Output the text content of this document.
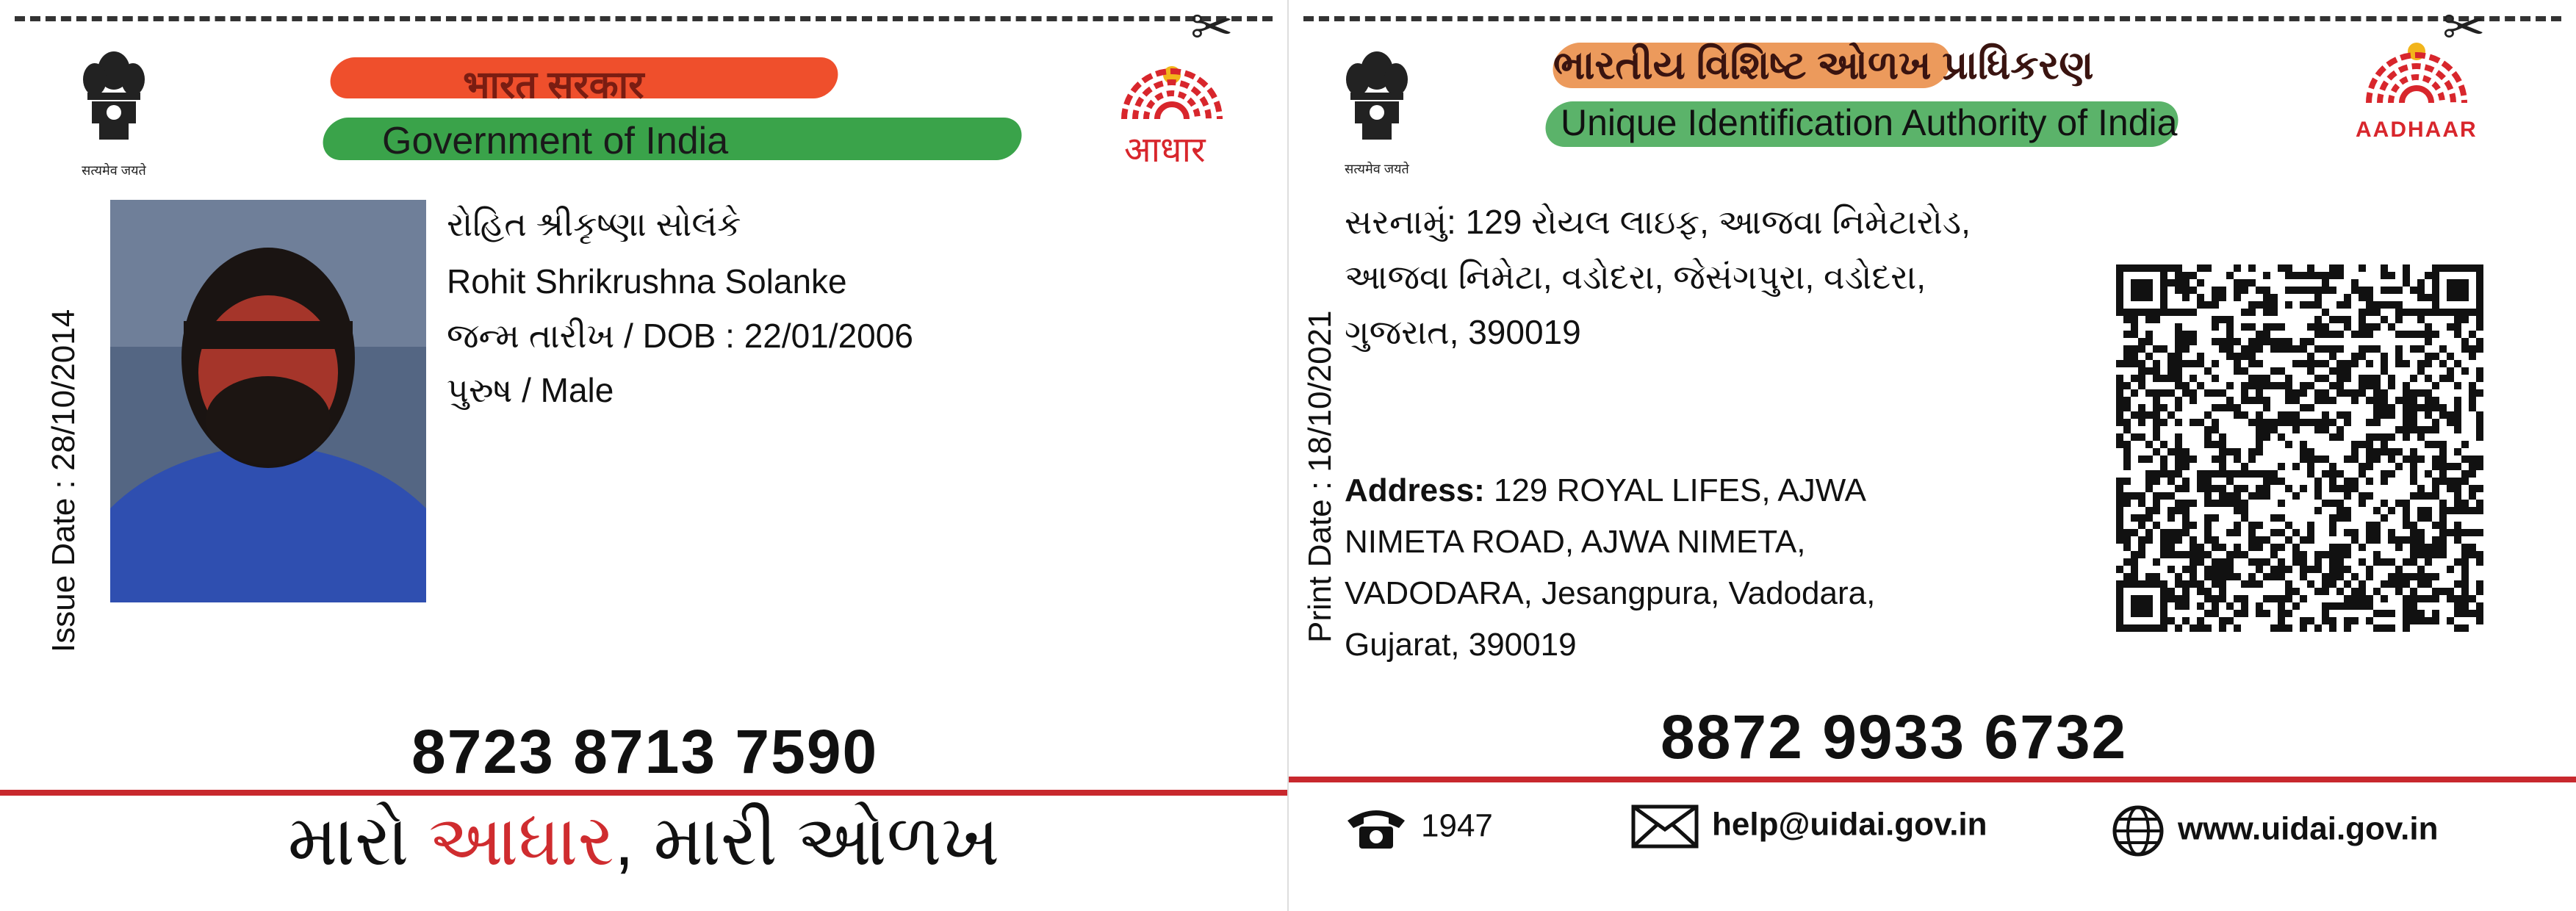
✂
सत्यमेव जयते
भारत सरकार
Government of India	आधार
રોહિત શ્રીકૃષ્ણા સોલંકે
Rohit Shrikrushna Solanke
જન્મ તારીખ / DOB : 22/01/2006
પુરુષ / Male
Issue Date : 28/10/2014
8723 8713 7590
મારો આધાર, મારી ઓળખ
✂
सत्यमेव जयते
ભારતીય વિશિષ્ટ ઓળખ પ્રાધિકરણ
Unique Identification Authority of India	AADHAAR
Print Date : 18/10/2021
સરનામું: 129 રોયલ લાઇફ, આજવા નિમેટારોડ,
આજવા નિમેટા, વડોદરા, જેસંગપુરા, વડોદરા,
ગુજરાત, 390019
Address: 129 ROYAL LIFES, AJWA
NIMETA ROAD, AJWA NIMETA,
VADODARA, Jesangpura, Vadodara,
Gujarat, 390019
8872 9933 6732
1947	help@uidai.gov.in	www.uidai.gov.in
